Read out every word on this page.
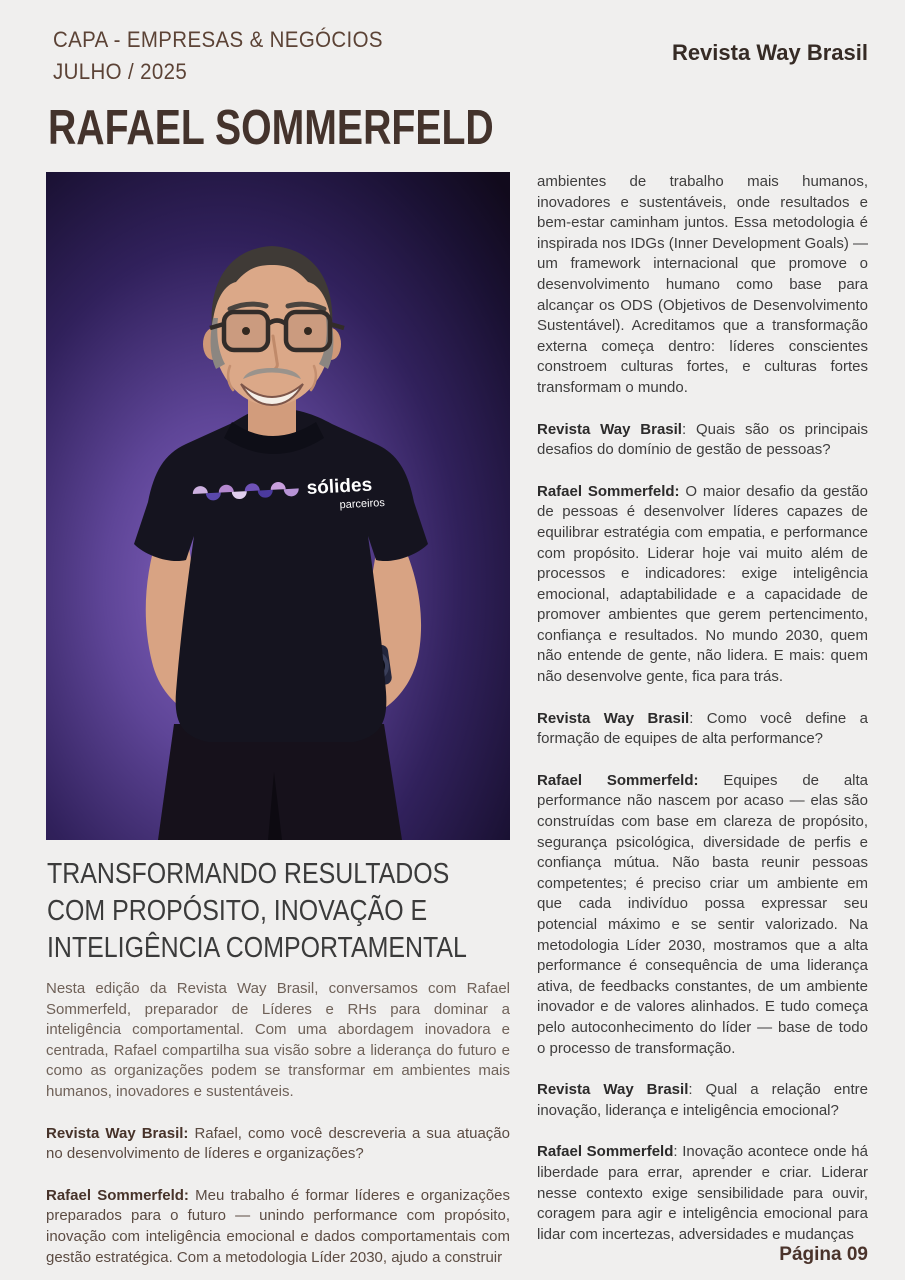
CAPA - EMPRESAS & NEGÓCIOS
JULHO / 2025
Revista Way Brasil
RAFAEL SOMMERFELD
sólides
parceiros
TRANSFORMANDO RESULTADOS
COM PROPÓSITO, INOVAÇÃO E
INTELIGÊNCIA COMPORTAMENTAL

Nesta edição da Revista Way Brasil, conversamos com Rafael Sommerfeld, preparador de Líderes e RHs para dominar a inteligência comportamental. Com uma abordagem inovadora e centrada, Rafael compartilha sua visão sobre a liderança do futuro e como as organizações podem se transformar em ambientes mais humanos, inovadores e sustentáveis.

Revista Way Brasil: Rafael, como você descreveria a sua atuação no desenvolvimento de líderes e organizações?

Rafael Sommerfeld: Meu trabalho é formar líderes e organizações preparados para o futuro — unindo performance com propósito, inovação com inteligência emocional e dados comportamentais com gestão estratégica. Com a metodologia Líder 2030, ajudo a construir

ambientes de trabalho mais humanos, inovadores e sustentáveis, onde resultados e bem-estar caminham juntos. Essa metodologia é inspirada nos IDGs (Inner Development Goals) — um framework internacional que promove o desenvolvimento humano como base para alcançar os ODS (Objetivos de Desenvolvimento Sustentável). Acreditamos que a transformação externa começa dentro: líderes conscientes constroem culturas fortes, e culturas fortes transformam o mundo.

Revista Way Brasil: Quais são os principais desafios do domínio de gestão de pessoas?

Rafael Sommerfeld: O maior desafio da gestão de pessoas é desenvolver líderes capazes de equilibrar estratégia com empatia, e performance com propósito. Liderar hoje vai muito além de processos e indicadores: exige inteligência emocional, adaptabilidade e a capacidade de promover ambientes que gerem pertencimento, confiança e resultados. No mundo 2030, quem não entende de gente, não lidera. E mais: quem não desenvolve gente, fica para trás.

Revista Way Brasil: Como você define a formação de equipes de alta performance?

Rafael Sommerfeld: Equipes de alta performance não nascem por acaso — elas são construídas com base em clareza de propósito, segurança psicológica, diversidade de perfis e confiança mútua. Não basta reunir pessoas competentes; é preciso criar um ambiente em que cada indivíduo possa expressar seu potencial máximo e se sentir valorizado. Na metodologia Líder 2030, mostramos que a alta performance é consequência de uma liderança ativa, de feedbacks constantes, de um ambiente inovador e de valores alinhados. E tudo começa pelo autoconhecimento do líder — base de todo o processo de transformação.

Revista Way Brasil: Qual a relação entre inovação, liderança e inteligência emocional?

Rafael Sommerfeld: Inovação acontece onde há liberdade para errar, aprender e criar. Liderar nesse contexto exige sensibilidade para ouvir, coragem para agir e inteligência emocional para lidar com incertezas, adversidades e mudanças

Página 09
